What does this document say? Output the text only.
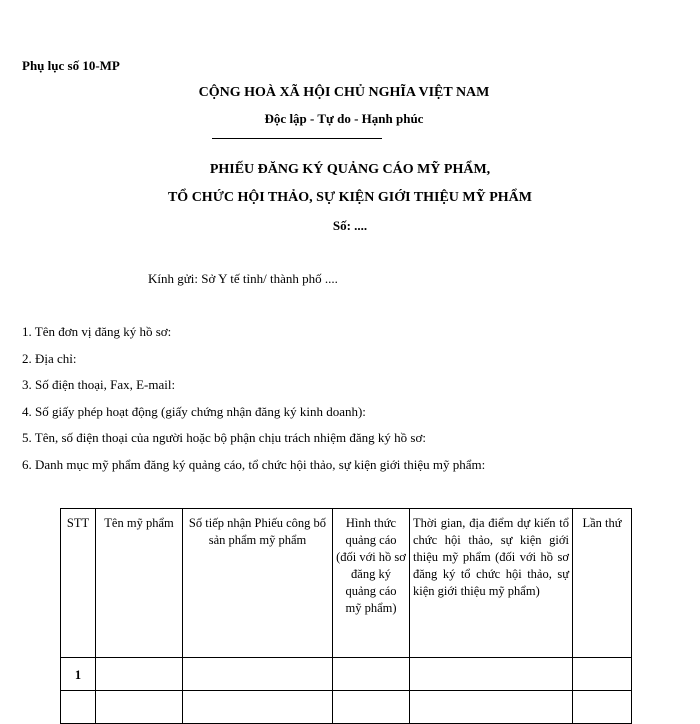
Phụ lục số 10-MP
CỘNG HOÀ XÃ HỘI CHỦ NGHĨA VIỆT NAM
Độc lập - Tự do - Hạnh phúc
PHIẾU ĐĂNG KÝ QUẢNG CÁO MỸ PHẨM,
TỔ CHỨC HỘI THẢO, SỰ KIỆN GIỚI THIỆU MỸ PHẨM
Số: ....
Kính gửi: Sở Y tế tỉnh/ thành phố ....
1. Tên đơn vị đăng ký hồ sơ:
2. Địa chỉ:
3. Số điện thoại, Fax, E-mail:
4. Số giấy phép hoạt động (giấy chứng nhận đăng ký kinh doanh):
5. Tên, số điện thoại của người hoặc bộ phận chịu trách nhiệm đăng ký hồ sơ:
6. Danh mục mỹ phẩm đăng ký quảng cáo, tổ chức hội thảo, sự kiện giới thiệu mỹ phẩm:
STT	Tên mỹ phẩm	Số tiếp nhận Phiếu công bố sản phẩm mỹ phẩm	Hình thức quảng cáo (đối với hồ sơ đăng ký quảng cáo mỹ phẩm)	Thời gian, địa điểm dự kiến tổ chức hội thảo, sự kiện giới thiệu mỹ phẩm (đối với hồ sơ đăng ký tổ chức hội thảo, sự kiện giới thiệu mỹ phẩm)	Lần thứ
1					
